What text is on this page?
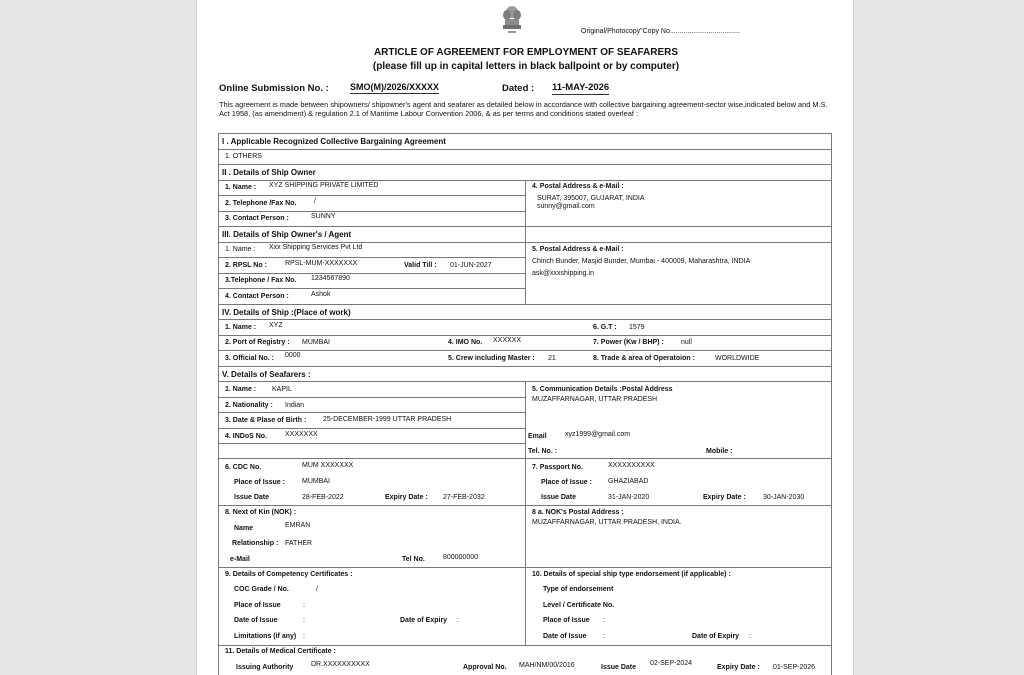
Original/Photocopy"Copy No....................................
ARTICLE OF AGREEMENT FOR EMPLOYMENT OF SEAFARERS
(please fill up in capital letters in black ballpoint or by computer)
Online Submission No. : SMO(M)/2026/XXXXX	Dated : 11-MAY-2026
This agreement is made between shipowners/ shipowner's agent and seafarer as detailed below in accordance with collective bargaining agreement-sector wise,indicated below and M.S. Act 1958, (as amendment) & regulation 2.1 of Maritime Labour Convention 2006, & as per terms and conditions stated overleaf :
I . Applicable Recognized Collective Bargaining Agreement
1. OTHERS
II . Details of Ship Owner
1. Name : XYZ SHIPPING PRIVATE LIMITED
2. Telephone /Fax No.	/
3. Contact Person :	SUNNY
4. Postal Address & e-Mail :
SURAT, 395007, GUJARAT, INDIA
sunny@gmail.com
III. Details of Ship Owner's / Agent
1. Name : Xxx Shipping Services Pvt Ltd
2. RPSL No :	RPSL-MUM-XXXXXXX	Valid Till : 01-JUN-2027
3.Telephone / Fax No. 1234567890
4. Contact Person :	Ashok
5. Postal Address & e-Mail :
Chinch Bunder, Masjid Bunder, Mumbai - 400009, Maharashtra, INDIA
ask@xxxshipping.in
IV. Details of Ship :(Place of work)
1. Name : XYZ	6. G.T : 1579
2. Port of Registry : MUMBAI	4. IMO No. XXXXXX	7. Power (Kw / BHP) : null
3. Official No. : 0000	5. Crew including Master : 21	8. Trade & area of Operatoion :	WORLDWIDE
V. Details of Seafarers :
1. Name : KAPIL
2. Nationality : Indian
3. Date & Plase of Birth : 25-DECEMBER-1999 UTTAR PRADESH
4. INDoS No.	XXXXXXX
5. Communication Details :Postal Address
MUZAFFARNAGAR, UTTAR PRADESH
Email	xyz1999@gmail.com
Tel. No. :	Mobile :
6. CDC No.	MUM XXXXXXX
Place of Issue : MUMBAI
Issue Date	28-FEB-2022	Expiry Date : 27-FEB-2032
7. Passport No.	XXXXXXXXXX
Place of Issue : GHAZIABAD
Issue Date	31-JAN-2020	Expiry Date : 30-JAN-2030
8. Next of Kin (NOK) :
Name	EMRAN
Relationship : FATHER
e-Mail	Tel No.	800000000
8 a. NOK's Postal Address :
MUZAFFARNAGAR, UTTAR PRADESH, INDIA.
9. Details of Competency Certificates :
COC Grade / No.	/
Place of Issue	:
Date of Issue	:	Date of Expiry :
Limitations (if any) :
10. Details of special ship type endorsement (if applicable) :
Type of endorsement
Level / Certificate No.
Place of Issue :
Date of Issue :	Date of Expiry :
11. Details of Medical Certificate :
Issuing Authority	DR.XXXXXXXXXX	Approval No. MAH/NM/00/2016	Issue Date
02-SEP-2024
Expiry Date : 01-SEP-2026
